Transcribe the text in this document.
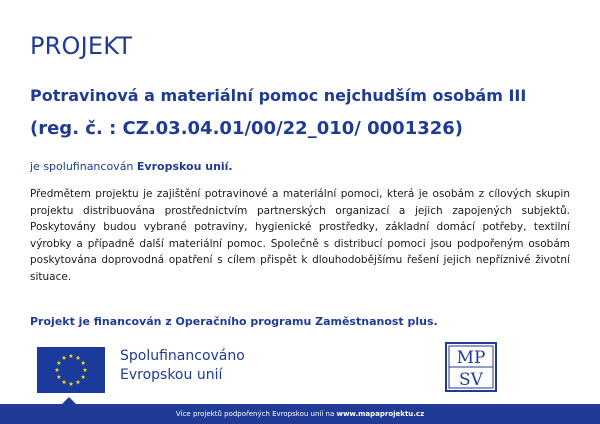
PROJEKT
Potravinová a materiální pomoc nejchudším osobám III
(reg. č. : CZ.03.04.01/00/22_010/ 0001326)
je spolufinancován Evropskou unií.
Předmětem projektu je zajištění potravinové a materiální pomoci, která je osobám z cílových skupin projektu distribuována prostřednictvím partnerských organizací a jejich zapojených subjektů. Poskytovány budou vybrané potraviny, hygienické prostředky, základní domácí potřeby, textilní výrobky a případně další materiální pomoc. Společně s distribucí pomoci jsou podpořeným osobám poskytována doprovodná opatření s cílem přispět k dlouhodobějšímu řešení jejich nepříznivé životní situace.
Projekt je financován z Operačního programu Zaměstnanost plus.
Spolufinancováno
Evropskou unií
MP
SV
Více projektů podpořených Evropskou unií na www.mapaprojektu.cz
